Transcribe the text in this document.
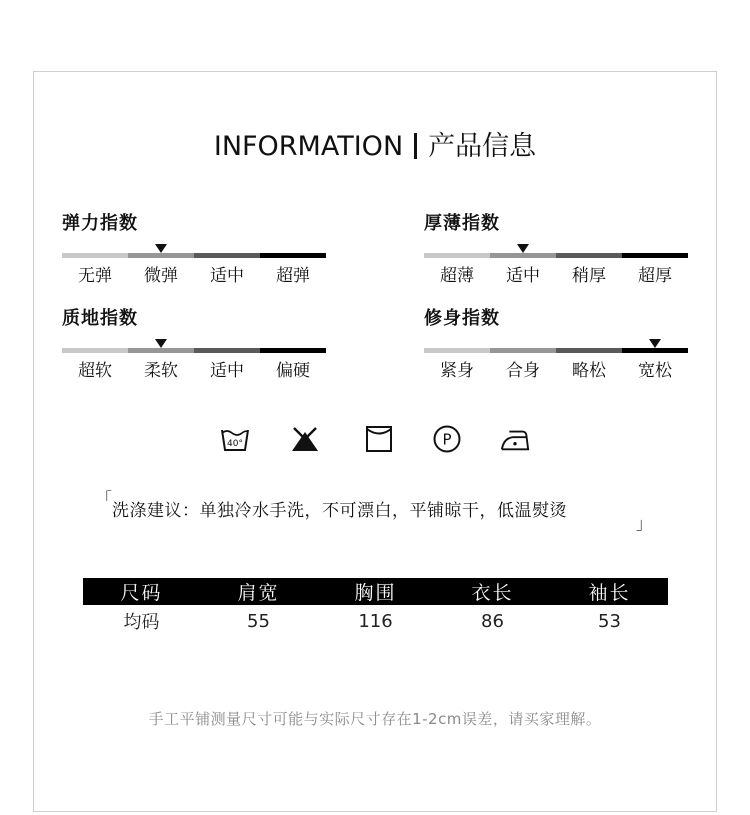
INFORMATION 产品信息
弹力指数
无弹	微弹	适中	超弹
厚薄指数
超薄	适中	稍厚	超厚
质地指数
超软	柔软	适中	偏硬
修身指数
紧身	合身	略松	宽松
40°	P
「
洗涤建议：单独冷水手洗，不可漂白，平铺晾干，低温熨烫
」
尺码	肩宽	胸围	衣长	袖长
均码	55	116	86	53
手工平铺测量尺寸可能与实际尺寸存在1-2cm误差，请买家理解。
